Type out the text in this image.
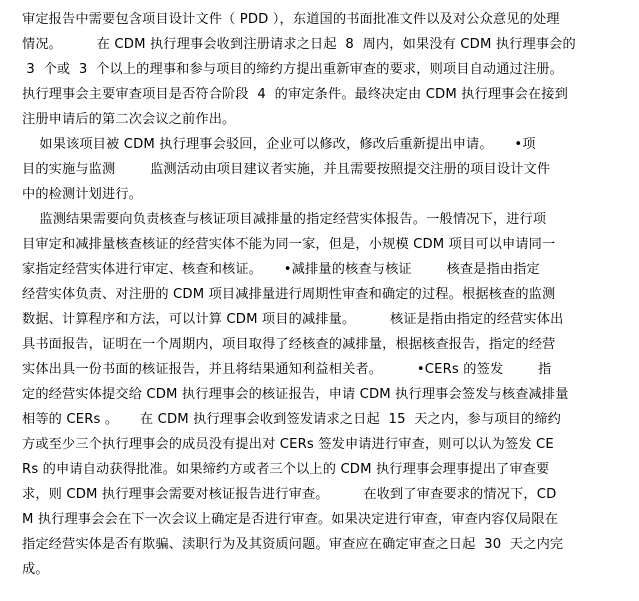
审定报告中需要包含项目设计文件（ PDD ），东道国的书面批准文件以及对公众意见的处理
情况。        在 CDM 执行理事会收到注册请求之日起  8  周内，如果没有 CDM 执行理事会的
3  个或  3  个以上的理事和参与项目的缔约方提出重新审查的要求，则项目自动通过注册。
执行理事会主要审查项目是否符合阶段  4  的审定条件。最终决定由 CDM 执行理事会在接到
注册申请后的第二次会议之前作出。
如果该项目被 CDM 执行理事会驳回，企业可以修改，修改后重新提出申请。     •项
目的实施与监测        监测活动由项目建议者实施，并且需要按照提交注册的项目设计文件
中的检测计划进行。
监测结果需要向负责核查与核证项目减排量的指定经营实体报告。一般情况下，进行项
目审定和减排量核查核证的经营实体不能为同一家，但是，小规模 CDM 项目可以申请同一
家指定经营实体进行审定、核查和核证。     •减排量的核查与核证        核查是指由指定
经营实体负责、对注册的 CDM 项目减排量进行周期性审查和确定的过程。根据核查的监测
数据、计算程序和方法，可以计算 CDM 项目的减排量。        核证是指由指定的经营实体出
具书面报告，证明在一个周期内，项目取得了经核查的减排量，根据核查报告，指定的经营
实体出具一份书面的核证报告，并且将结果通知利益相关者。        •CERs 的签发        指
定的经营实体提交给 CDM 执行理事会的核证报告，申请 CDM 执行理事会签发与核查减排量
相等的 CERs 。     在 CDM 执行理事会收到签发请求之日起  15  天之内，参与项目的缔约
方或至少三个执行理事会的成员没有提出对 CERs 签发申请进行审查，则可以认为签发 CE
Rs 的申请自动获得批准。如果缔约方或者三个以上的 CDM 执行理事会理事提出了审查要
求，则 CDM 执行理事会需要对核证报告进行审查。        在收到了审查要求的情况下，CD
M 执行理事会会在下一次会议上确定是否进行审查。如果决定进行审查，审查内容仅局限在
指定经营实体是否有欺骗、渎职行为及其资质问题。审查应在确定审查之日起  30  天之内完
成。
